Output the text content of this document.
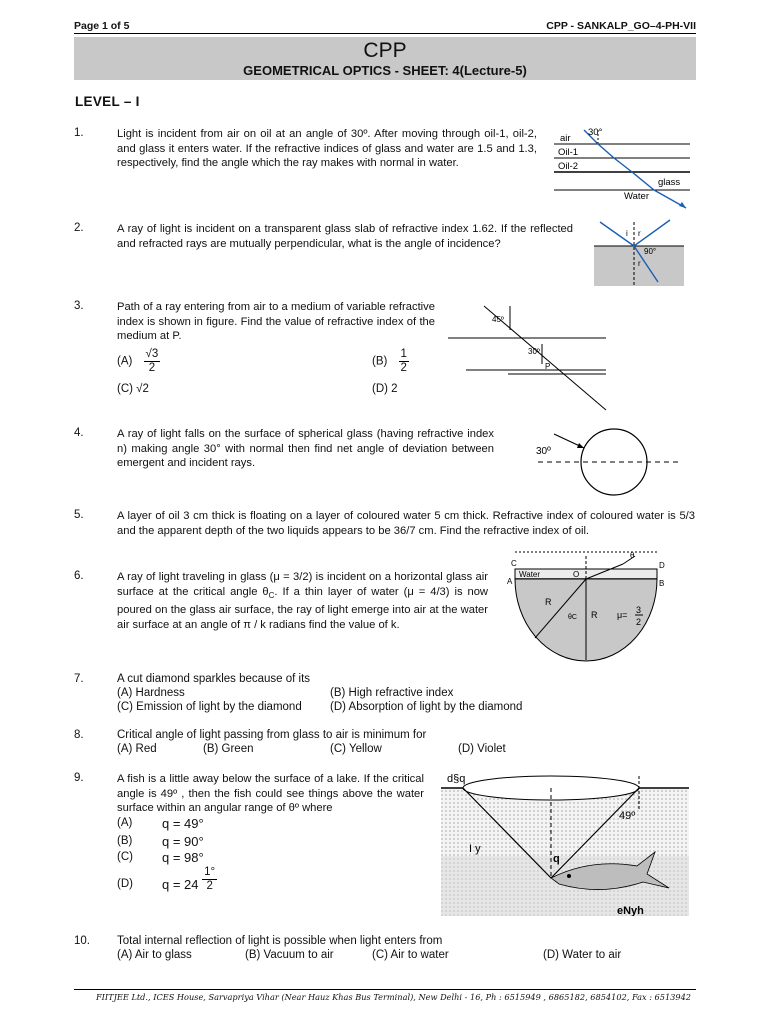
Page 1 of 5	CPP - SANKALP_GO–4-PH-VII
CPP
GEOMETRICAL OPTICS - SHEET: 4(Lecture-5)
LEVEL – I
1.	Light is incident from air on oil at an angle of 30º. After moving through oil-1, oil-2, and glass it enters water. If the refractive indices of glass and water are 1.5 and 1.3, respectively, find the angle which the ray makes with normal in water.
air
30°
Oil-1
Oil-2
glass
Water
2.	A ray of light is incident on a transparent glass slab of refractive index 1.62. If the reflected and refracted rays are mutually perpendicular, what is the angle of incidence?
i r
r
90°
3.	Path of a ray entering from air to a medium of variable refractive index is shown in figure. Find the value of refractive index of the medium at P.
$(A) \frac{√3}{2}$	$(B) \frac{1}{2}$
(C) √2	(D) 2
45º
30º
P
4.	A ray of light falls on the surface of spherical glass (having refractive index n) making angle 30° with normal then find net angle of deviation between emergent and incident rays.
30º
5.	A layer of oil 3 cm thick is floating on a layer of coloured water 5 cm thick. Refractive index of coloured water is 5/3 and the apparent depth of the two liquids appears to be 36/7 cm. Find the refractive index of oil.
6.	A ray of light traveling in glass (μ = 3/2) is incident on a horizontal glass air surface at the critical angle $\theta_C$. If a thin layer of water (μ = 4/3) is now poured on the glass air surface, the ray of light emerge into air at the water air surface at an angle of π / k radians find the value of k.
C	D
A	B
Water	O
θ
R
R
θC	μ= 3
2
7.	A cut diamond sparkles because of its
(A) Hardness	(B) High refractive index
(C) Emission of light by the diamond (D) Absorption of light by the diamond
8.	Critical angle of light passing from glass to air is minimum for
(A) Red	(B) Green	(C) Yellow	(D) Violet
9.	A fish is a little away below the surface of a lake. If the critical angle is 49º , then the fish could see things above the water surface within an angular range of θº where
(A) q = 49°
(B) q = 90°
(C) q = 98°
(D) $q = 24 \frac{1^\circ}{2}$
d§q
49º
I y
q
eNyh
10. Total internal reflection of light is possible when light enters from
(A) Air to glass	(B) Vacuum to air	(C) Air to water	(D) Water to air
FIITJEE Ltd., ICES House, Sarvapriya Vihar (Near Hauz Khas Bus Terminal), New Delhi - 16, Ph : 6515949 , 6865182, 6854102, Fax : 6513942
